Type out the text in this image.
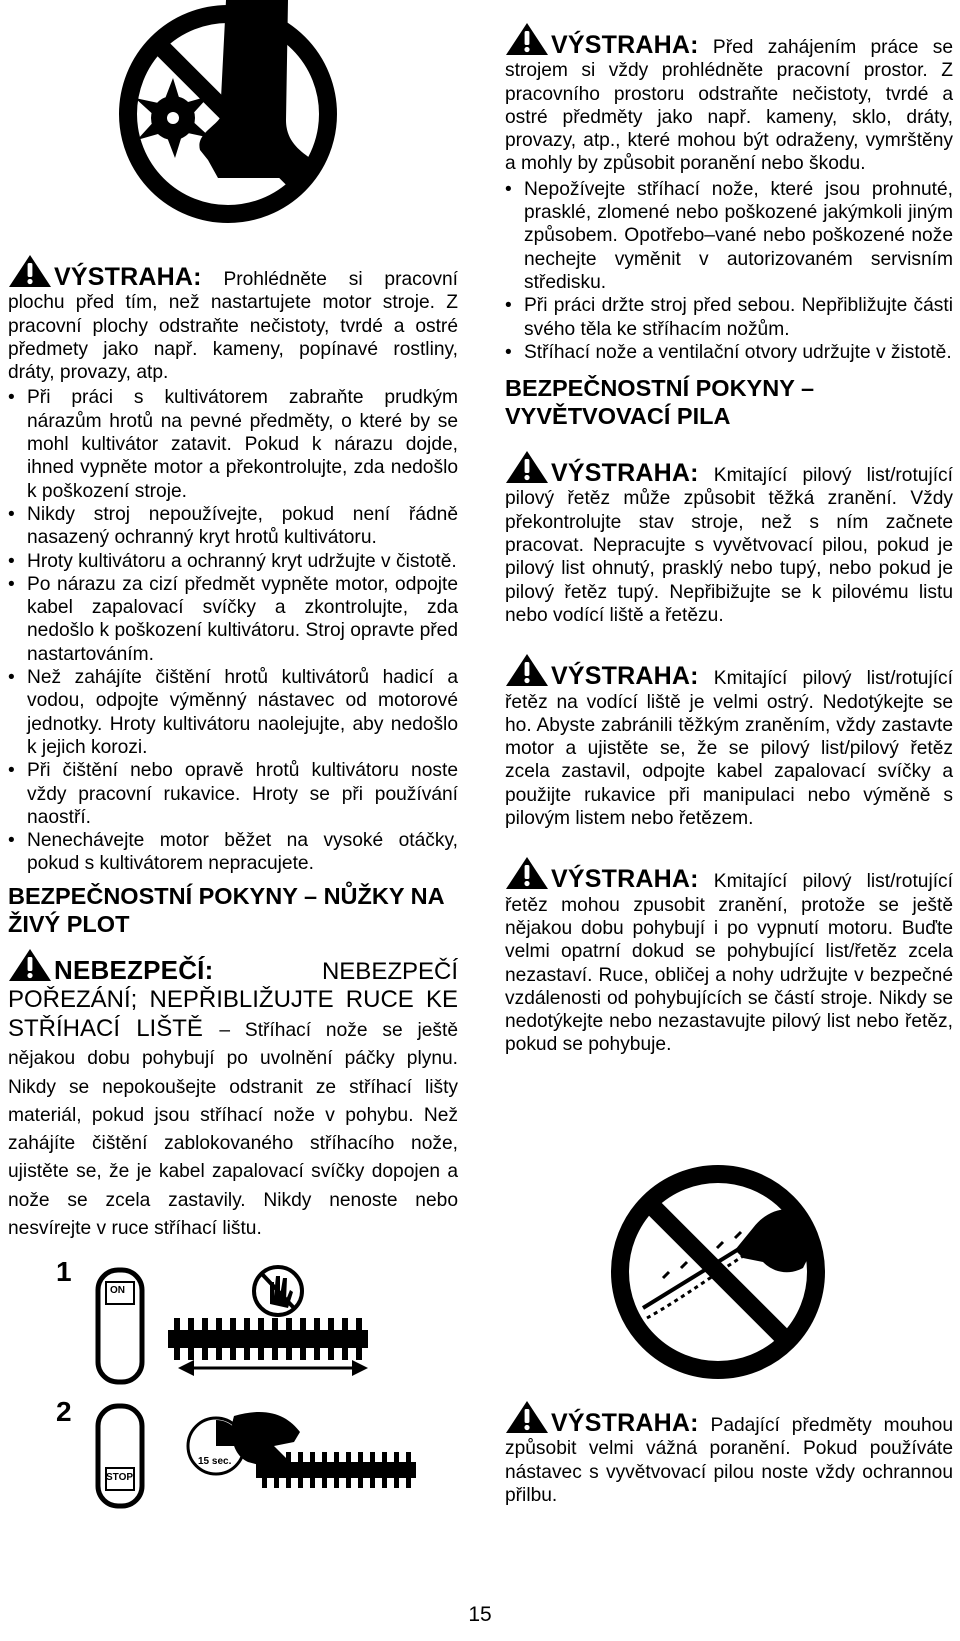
VÝSTRAHA: Prohlédněte si pracovní plochu před tím, než nastartujete motor stroje. Z pracovní plochy odstraňte nečistoty, tvrdé a ostré předmety jako např. kameny, popínavé rostliny, dráty, provazy, atp.

• Při práci s kultivátorem zabraňte prudkým nárazům hrotů na pevné předměty, o které by se mohl kultivátor zatavit. Pokud k nárazu dojde, ihned vypněte motor a překontrolujte, zda nedošlo k poškození stroje.
• Nikdy stroj nepoužívejte, pokud není řádně nasazený ochranný kryt hrotů kultivátoru.
• Hroty kultivátoru a ochranný kryt udržujte v čistotě.
• Po nárazu za cizí předmět vypněte motor, odpojte kabel zapalovací svíčky a zkontrolujte, zda nedošlo k poškození kultivátoru. Stroj opravte před nastartováním.
• Než zahájíte čištění hrotů kultivátorů hadicí a vodou, odpojte výměnný nástavec od motorové jednotky. Hroty kultivátoru naolejujte, aby nedošlo k jejich korozi.
• Při čištění nebo opravě hrotů kultivátoru noste vždy pracovní rukavice. Hroty se při používání naostří.
• Nenechávejte motor běžet na vysoké otáčky, pokud s kultivátorem nepracujete.
BEZPEČNOSTNÍ POKYNY – NŮŽKY NA ŽIVÝ PLOT

NEBEZPEČÍ:	NEBEZPEČÍ POŘEZÁNÍ; NEPŘIBLIŽUJTE RUCE KE STŘÍHACÍ LIŠTĚ – Stříhací nože se ještě nějakou dobu pohybují po uvolnění páčky plynu. Nikdy se nepokoušejte odstranit ze stříhací lišty materiál, pokud jsou stříhací nože v pohybu. Než zahájíte čištění zablokovaného stříhacího nože, ujistěte se, že je kabel zapalovací svíčky dopojen a nože se zcela zastavily. Nikdy nenoste nebo nesvírejte v ruce stříhací lištu.

1
2
ON
STOP
15 sec.

VÝSTRAHA: Před zahájením práce se strojem si vždy prohlédněte pracovní prostor. Z pracovního prostoru odstraňte nečistoty, tvrdé a ostré předměty jako např. kameny, sklo, dráty, provazy, atp., které mohou být odraženy, vymrštěny a mohly by způsobit poranění nebo škodu.

• Nepožívejte stříhací nože, které jsou prohnuté, prasklé, zlomené nebo poškozené jakýmkoli jiným způsobem. Opotřebo–vané nebo poškozené nože nechejte vyměnit v autorizovaném servisním středisku.
• Při práci držte stroj před sebou. Nepřibližujte části svého těla ke stříhacím nožům.
• Stříhací nože a ventilační otvory udržujte v žistotě.
BEZPEČNOSTNÍ POKYNY – VYVĚTVOVACÍ PILA

VÝSTRAHA: Kmitající pilový list/rotující pilový řetěz může způsobit těžká zranění. Vždy překontrolujte stav stroje, než s ním začnete pracovat. Nepracujte s vyvětvovací pilou, pokud je pilový list ohnutý, prasklý nebo tupý, nebo pokud je pilový řetěz tupý. Nepřibižujte se k pilovému listu nebo vodící liště a řetězu.

VÝSTRAHA: Kmitající pilový list/rotující řetěz na vodící liště je velmi ostrý. Nedotýkejte se ho. Abyste zabránili těžkým zraněním, vždy zastavte motor a ujistěte se, že se pilový list/pilový řetěz zcela zastavil, odpojte kabel zapalovací svíčky a použijte rukavice při manipulaci nebo výměně s pilovým listem nebo řetězem.

VÝSTRAHA: Kmitající pilový list/rotující řetěz mohou zpusobit zranění, protože se ještě nějakou dobu pohybují i po vypnutí motoru. Buďte velmi opatrní dokud se pohybující list/řetěz zcela nezastaví. Ruce, obličej a nohy udržujte v bezpečné vzdálenosti od pohybujících se částí stroje. Nikdy se nedotýkejte nebo nezastavujte pilový list nebo řetěz, pokud se pohybuje.

VÝSTRAHA: Padající předměty mouhou způsobit velmi vážná poranění. Pokud používáte nástavec s vyvětvovací pilou noste vždy ochrannou přilbu.

15
